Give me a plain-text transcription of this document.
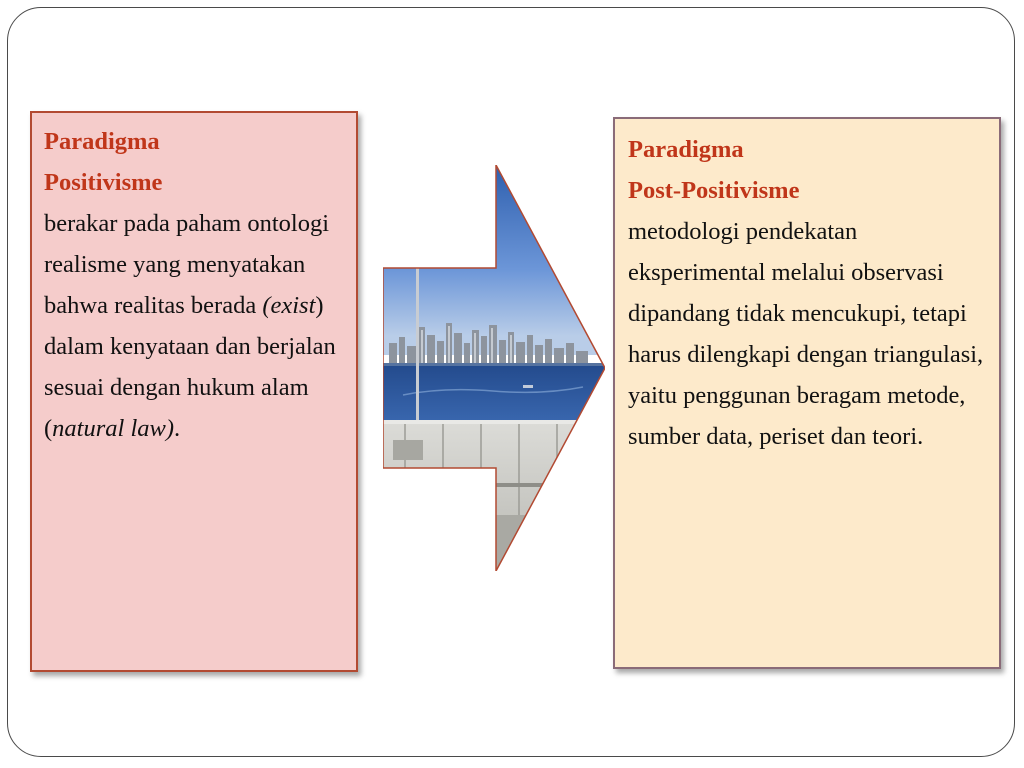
Paradigma
Positivisme
berakar pada paham ontologi realisme yang menyatakan bahwa realitas berada (exist) dalam kenyataan dan berjalan sesuai dengan hukum alam (natural law).
Paradigma
Post-Positivisme
metodologi pendekatan eksperimental melalui observasi dipandang tidak mencukupi, tetapi harus dilengkapi dengan triangulasi, yaitu penggunan beragam metode, sumber data, periset dan teori.
